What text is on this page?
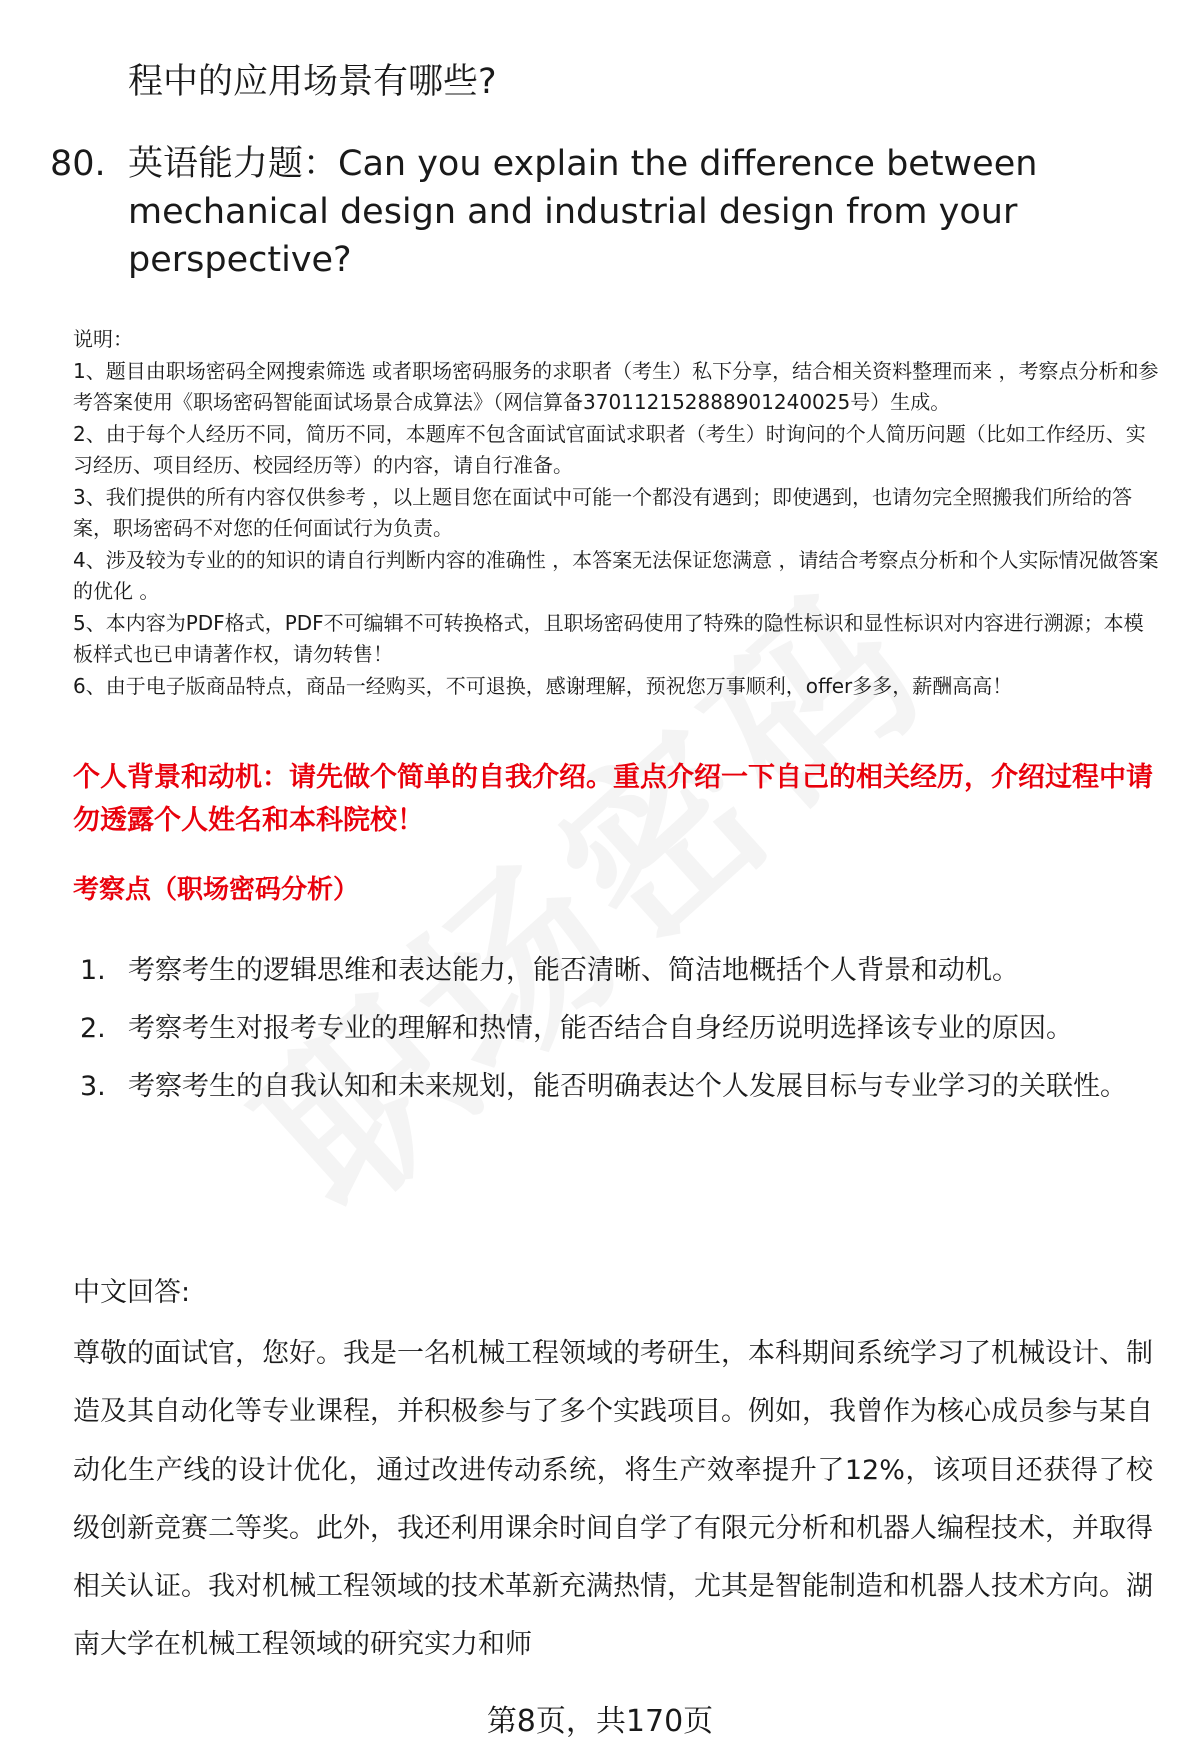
程中的应用场景有哪些?
80. 英语能力题：Can you explain the difference between mechanical design and industrial design from your perspective?
说明：
1、题目由职场密码全网搜索筛选 或者职场密码服务的求职者（考生）私下分享，结合相关资料整理而来 ，考察点分析和参考答案使用《职场密码智能面试场景合成算法》（网信算备370112152888901240025号）生成。
2、由于每个人经历不同，简历不同，本题库不包含面试官面试求职者（考生）时询问的个人简历问题（比如工作经历、实习经历、项目经历、校园经历等）的内容，请自行准备。
3、我们提供的所有内容仅供参考 ，以上题目您在面试中可能一个都没有遇到；即使遇到，也请勿完全照搬我们所给的答案，职场密码不对您的任何面试行为负责。
4、涉及较为专业的的知识的请自行判断内容的准确性 ，本答案无法保证您满意 ，请结合考察点分析和个人实际情况做答案的优化 。
5、本内容为PDF格式，PDF不可编辑不可转换格式，且职场密码使用了特殊的隐性标识和显性标识对内容进行溯源；本模板样式也已申请著作权，请勿转售！
6、由于电子版商品特点，商品一经购买，不可退换，感谢理解，预祝您万事顺利，offer多多，薪酬高高！
个人背景和动机：请先做个简单的自我介绍。重点介绍一下自己的相关经历，介绍过程中请勿透露个人姓名和本科院校！
考察点（职场密码分析）
1. 考察考生的逻辑思维和表达能力，能否清晰、简洁地概括个人背景和动机。
2. 考察考生对报考专业的理解和热情，能否结合自身经历说明选择该专业的原因。
3. 考察考生的自我认知和未来规划，能否明确表达个人发展目标与专业学习的关联性。
中文回答:
尊敬的面试官，您好。我是一名机械工程领域的考研生，本科期间系统学习了机械设计、制造及其自动化等专业课程，并积极参与了多个实践项目。例如，我曾作为核心成员参与某自动化生产线的设计优化，通过改进传动系统，将生产效率提升了12%，该项目还获得了校级创新竞赛二等奖。此外，我还利用课余时间自学了有限元分析和机器人编程技术，并取得相关认证。我对机械工程领域的技术革新充满热情，尤其是智能制造和机器人技术方向。湖南大学在机械工程领域的研究实力和师
第8页，共170页
